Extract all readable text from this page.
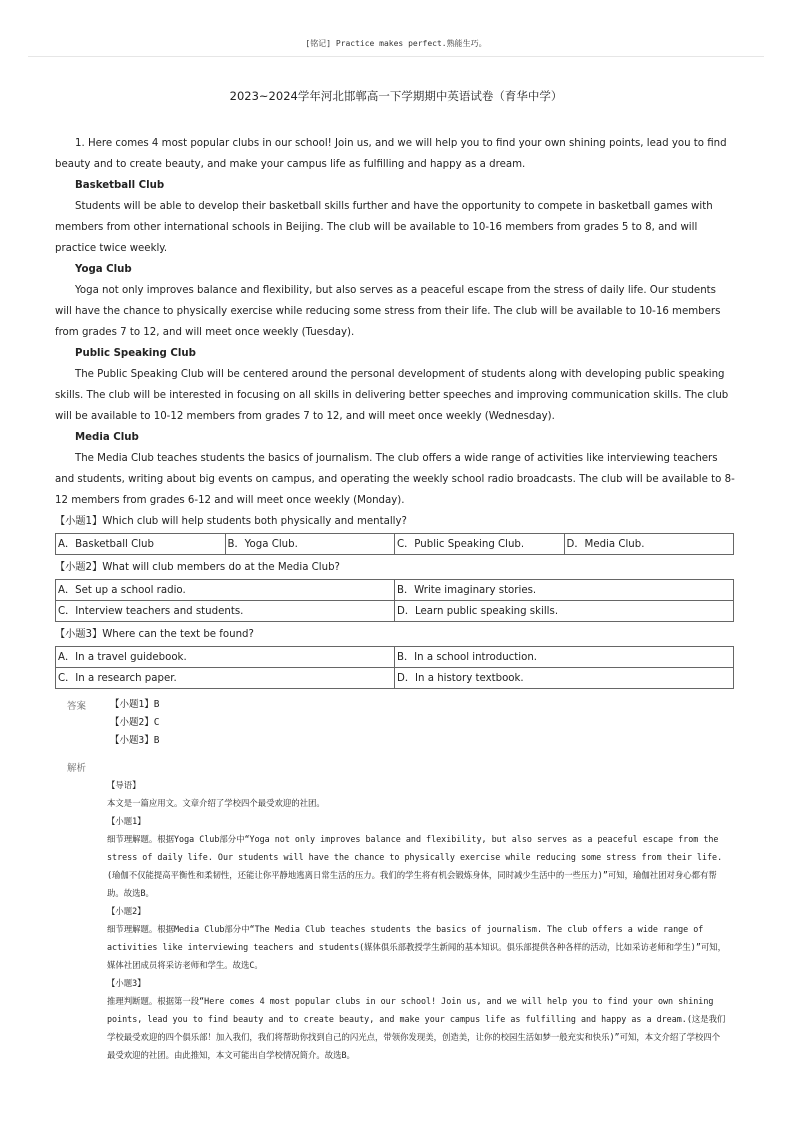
[铭记] Practice makes perfect.熟能生巧。
2023~2024学年河北邯郸高一下学期期中英语试卷（育华中学）

1. Here comes 4 most popular clubs in our school! Join us, and we will help you to find your own shining points, lead you to find beauty and to create beauty, and make your campus life as fulfilling and happy as a dream.

Basketball Club

Students will be able to develop their basketball skills further and have the opportunity to compete in basketball games with members from other international schools in Beijing. The club will be available to 10-16 members from grades 5 to 8, and will practice twice weekly.

Yoga Club

Yoga not only improves balance and flexibility, but also serves as a peaceful escape from the stress of daily life. Our students will have the chance to physically exercise while reducing some stress from their life. The club will be available to 10-16 members from grades 7 to 12, and will meet once weekly (Tuesday).

Public Speaking Club

The Public Speaking Club will be centered around the personal development of students along with developing public speaking skills. The club will be interested in focusing on all skills in delivering better speeches and improving communication skills. The club will be available to 10-12 members from grades 7 to 12, and will meet once weekly (Wednesday).

Media Club

The Media Club teaches students the basics of journalism. The club offers a wide range of activities like interviewing teachers and students, writing about big events on campus, and operating the weekly school radio broadcasts. The club will be available to 8-12 members from grades 6-12 and will meet once weekly (Monday).

【小题1】Which club will help students both physically and mentally?

A．Basketball Club	B．Yoga Club.	C．Public Speaking Club.	D．Media Club.

【小题2】What will club members do at the Media Club?

A．Set up a school radio.	B．Write imaginary stories.
C．Interview teachers and students.	D．Learn public speaking skills.

【小题3】Where can the text be found?

A．In a travel guidebook.	B．In a school introduction.
C．In a research paper.	D．In a history textbook.
答案	【小题1】B
【小题2】C
【小题3】B
解析

【导语】

本文是一篇应用文。文章介绍了学校四个最受欢迎的社团。

【小题1】

细节理解题。根据Yoga Club部分中“Yoga not only improves balance and flexibility, but also serves as a peaceful escape from the stress of daily life. Our students will have the chance to physically exercise while reducing some stress from their life.(瑜伽不仅能提高平衡性和柔韧性，还能让你平静地逃离日常生活的压力。我们的学生将有机会锻炼身体，同时减少生活中的一些压力)”可知，瑜伽社团对身心都有帮助。故选B。

【小题2】

细节理解题。根据Media Club部分中“The Media Club teaches students the basics of journalism. The club offers a wide range of activities like interviewing teachers and students(媒体俱乐部教授学生新闻的基本知识。俱乐部提供各种各样的活动，比如采访老师和学生)”可知，媒体社团成员将采访老师和学生。故选C。

【小题3】

推理判断题。根据第一段“Here comes 4 most popular clubs in our school! Join us, and we will help you to find your own shining points, lead you to find beauty and to create beauty, and make your campus life as fulfilling and happy as a dream.(这是我们学校最受欢迎的四个俱乐部！加入我们，我们将帮助你找到自己的闪光点，带领你发现美，创造美，让你的校园生活如梦一般充实和快乐)”可知，本文介绍了学校四个最受欢迎的社团。由此推知，本文可能出自学校情况简介。故选B。
